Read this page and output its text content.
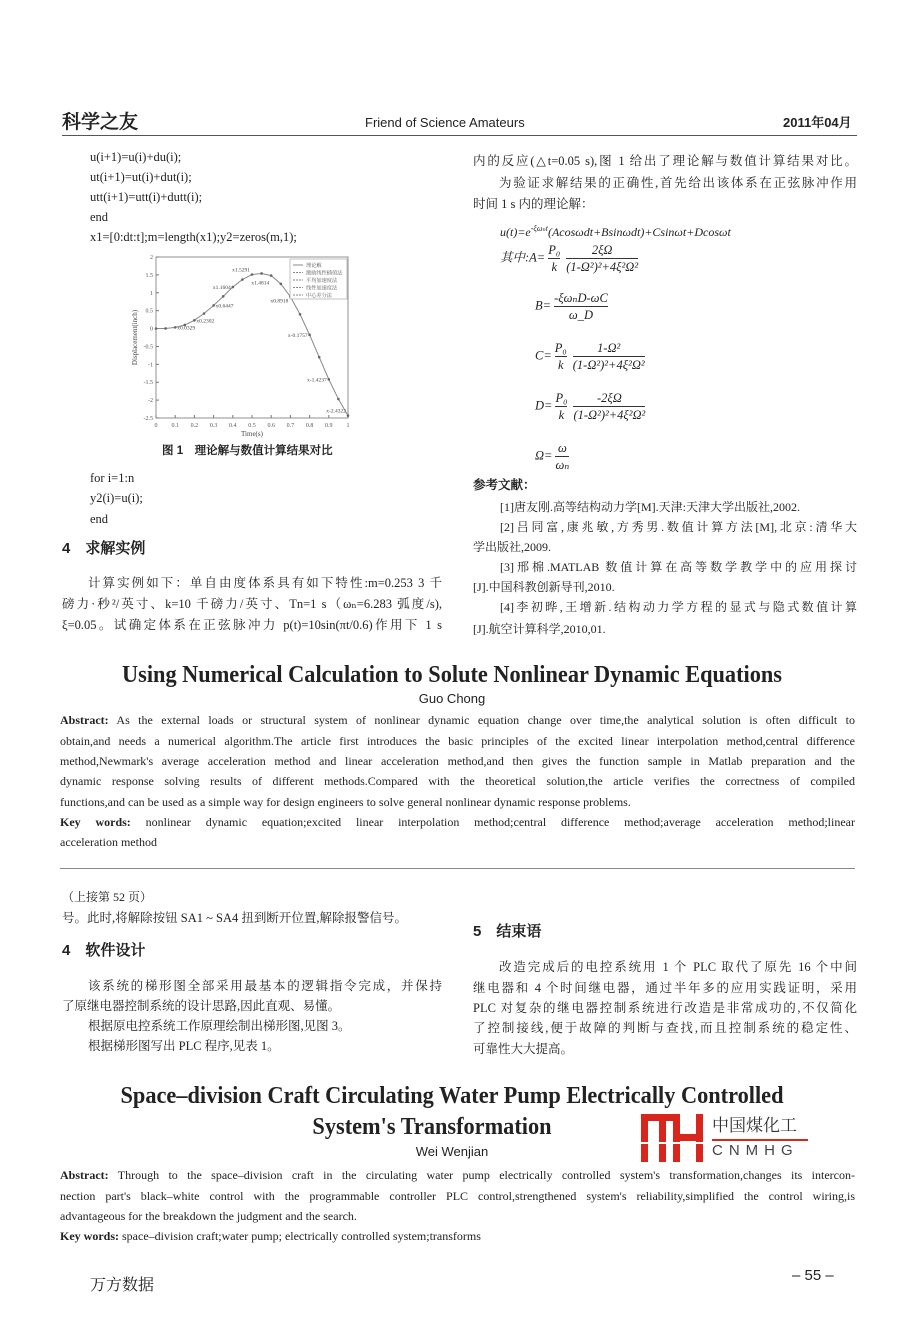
科学之友	Friend of Science Amateurs	2011年04月
u(i+1)=u(i)+du(i);
ut(i+1)=ut(i)+dut(i);
utt(i+1)=utt(i)+dutt(i);
end
x1=[0:dt:t];m=length(x1);y2=zeros(m,1);
0 0.1 0.2 0.3 0.4 0.5 0.6 0.7 0.8 0.9 1
2
1.5
1
0.5
0
-0.5
-1
-1.5
-2
-2.5
Time(s)
Displacement(inch)	x0.0329
x0.2302
x0.6447
x1.1604
x1.5291
x1.4814
x0.8918
x-0.1757
x-1.4237
x-2.4322
理论解
激励线性插值法
平均加速度法
线性加速度法
中心差分法
图 1　理论解与数值计算结果对比
for i=1:n
y2(i)=u(i);
end
4　求解实例
计算实例如下：单自由度体系具有如下特性:m=0.253 3 千
磅力·秒²/英寸、k=10 千磅力/英寸、Tn=1 s（ωₙ=6.283 弧度/s),
ξ=0.05。试确定体系在正弦脉冲力 p(t)=10sin(πt/0.6)作用下 1 s
内的反应(△t=0.05 s),图 1 给出了理论解与数值计算结果对比。
为验证求解结果的正确性,首先给出该体系在正弦脉冲作用
时间 1 s 内的理论解：
$u(t)=e^{-\xi\omega_nt}(Acos\omega dt+Bsin\omega dt)+Csin\omega t+Dcos\omega t$
其中:A= $\frac{\text{P₀}}{k} \frac{2\xi\Omega}{\text{(1-Ω²)²+4ξ²Ω²}}$
B=
-ξωₙD-ωC
ω_D
$C= \frac{\text{P₀}}{k} \frac{\text{1-Ω²}}{\text{(1-Ω²)²+4ξ²Ω²}}$
$D= \frac{\text{P₀}}{k} \frac{-2\xi\Omega}{\text{(1-Ω²)²+4ξ²Ω²}}$
$\Omega= \frac{\omega}{\text{ωₙ}}$
参考文献：
[1]唐友刚.高等结构动力学[M].天津:天津大学出版社,2002.
[2]吕同富,康兆敏,方秀男.数值计算方法[M],北京:清华大
学出版社,2009.
[3]邢棉.MATLAB 数值计算在高等数学教学中的应用探讨
[J].中国科教创新导刊,2010.
[4]李初晔,王增新.结构动力学方程的显式与隐式数值计算
[J].航空计算科学,2010,01.
Using Numerical Calculation to Solute Nonlinear Dynamic Equations
Guo Chong
Abstract: As the external loads or structural system of nonlinear dynamic equation change over time,the analytical solution is often difficult to
obtain,and needs a numerical algorithm.The article first introduces the basic principles of the excited linear interpolation method,central difference
method,Newmark's average acceleration method and linear acceleration method,and then gives the function sample in Matlab preparation and the
dynamic response solving results of different methods.Compared with the theoretical solution,the article verifies the correctness of compiled
functions,and can be used as a simple way for design engineers to solve general nonlinear dynamic response problems.
Key words: nonlinear dynamic equation;excited linear interpolation method;central difference method;average acceleration method;linear
acceleration method
（上接第 52 页）
号。此时,将解除按钮 SA1 ~ SA4 扭到断开位置,解除报警信号。
4　软件设计
该系统的梯形图全部采用最基本的逻辑指令完成，并保持
了原继电器控制系统的设计思路,因此直观、易懂。
根据原电控系统工作原理绘制出梯形图,见图 3。
根据梯形图写出 PLC 程序,见表 1。
5　结束语
改造完成后的电控系统用 1 个 PLC 取代了原先 16 个中间
继电器和 4 个时间继电器，通过半年多的应用实践证明，采用
PLC 对复杂的继电器控制系统进行改造是非常成功的,不仅简化
了控制接线,便于故障的判断与查找,而且控制系统的稳定性、
可靠性大大提高。
Space–division Craft Circulating Water Pump Electrically Controlled
System's Transformation
Wei Wenjian
Abstract: Through to the space–division craft in the circulating water pump electrically controlled system's transformation,changes its intercon-
nection part's black–white control with the programmable controller PLC control,strengthened system's reliability,simplified the control wiring,is
advantageous for the breakdown the judgment and the search.
Key words: space–division craft;water pump; electrically controlled system;transforms
中国煤化工
CNMHG
万方数据
– 55 –
